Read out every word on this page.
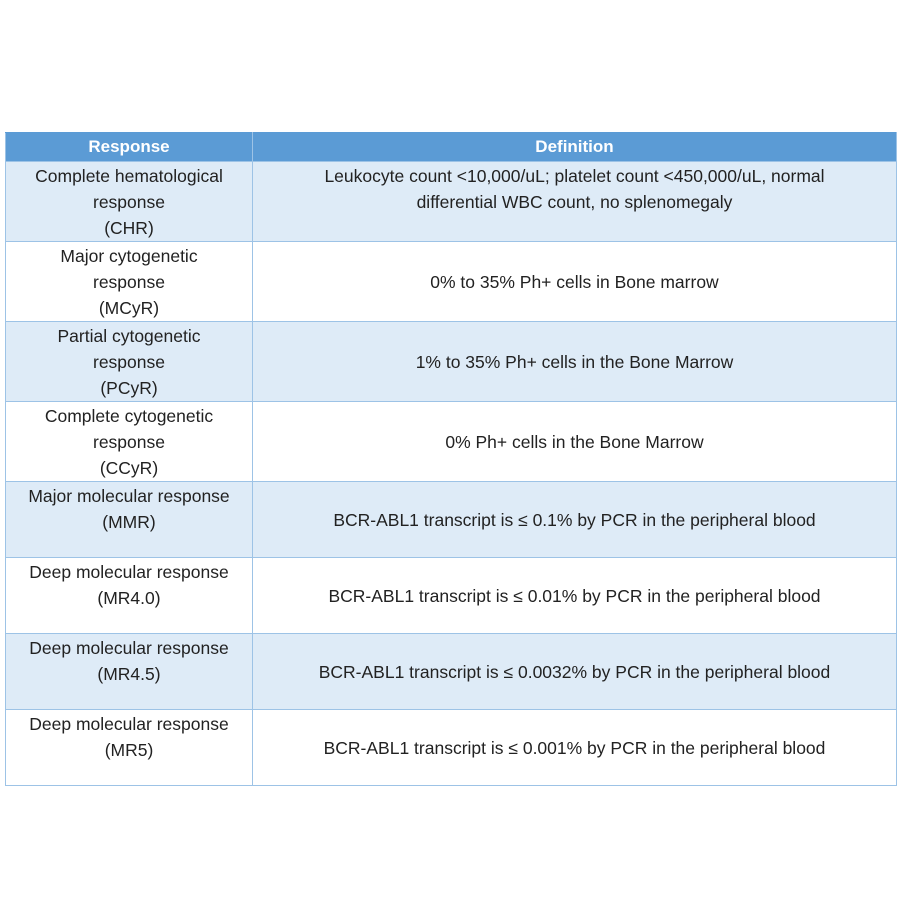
Response	Definition

Complete hematological
response
(CHR)	Leukocyte count <10,000/uL; platelet count <450,000/uL, normal
differential WBC count, no splenomegaly

Major cytogenetic
response
(MCyR)	0% to 35% Ph+ cells in Bone marrow

Partial cytogenetic
response
(PCyR)	1% to 35% Ph+ cells in the Bone Marrow

Complete cytogenetic
response
(CCyR)	0% Ph+ cells in the Bone Marrow

Major molecular response
(MMR)	BCR-ABL1 transcript is ≤ 0.1% by PCR in the peripheral blood

Deep molecular response
(MR4.0)	BCR-ABL1 transcript is ≤ 0.01% by PCR in the peripheral blood

Deep molecular response
(MR4.5)	BCR-ABL1 transcript is ≤ 0.0032% by PCR in the peripheral blood

Deep molecular response
(MR5)	BCR-ABL1 transcript is ≤ 0.001% by PCR in the peripheral blood
